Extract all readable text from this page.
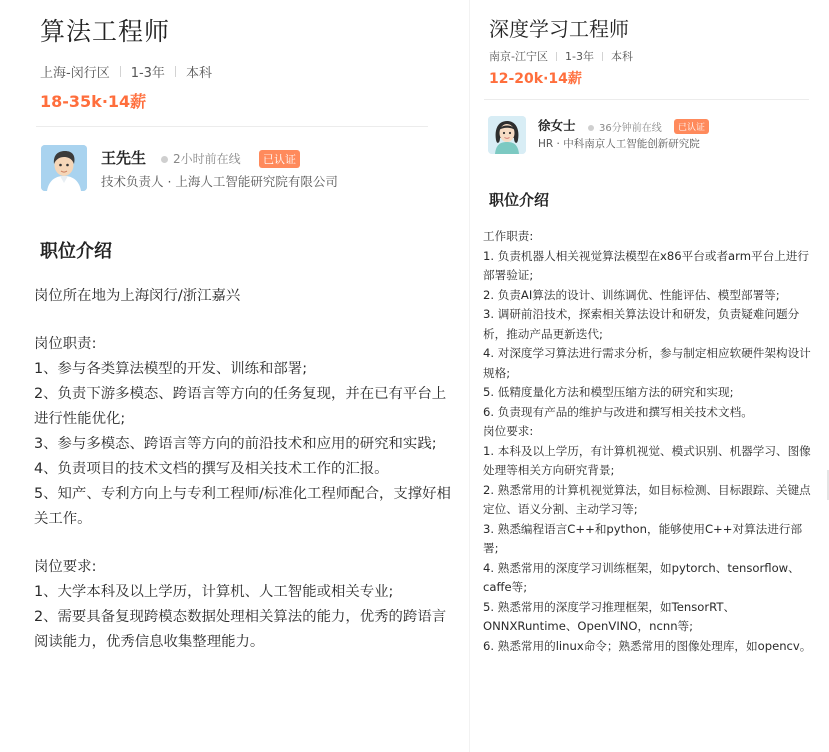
算法工程师
上海-闵行区 1-3年 本科
18-35k·14薪
王先生	2小时前在线	已认证
技术负责人 · 上海人工智能研究院有限公司
职位介绍
岗位所在地为上海闵行/浙江嘉兴
岗位职责:
1、参与各类算法模型的开发、训练和部署;
2、负责下游多模态、跨语言等方向的任务复现，并在已有平台上进行性能优化;
3、参与多模态、跨语言等方向的前沿技术和应用的研究和实践;
4、负责项目的技术文档的撰写及相关技术工作的汇报。
5、知产、专利方向上与专利工程师/标准化工程师配合，支撑好相关工作。
岗位要求:
1、大学本科及以上学历，计算机、人工智能或相关专业;
2、需要具备复现跨模态数据处理相关算法的能力，优秀的跨语言阅读能力，优秀信息收集整理能力。
深度学习工程师
南京-江宁区 1-3年 本科
12-20k·14薪
徐女士	36分钟前在线	已认证
HR · 中科南京人工智能创新研究院
职位介绍
工作职责:
1. 负责机器人相关视觉算法模型在x86平台或者arm平台上进行部署验证;
2. 负责AI算法的设计、训练调优、性能评估、模型部署等;
3. 调研前沿技术，探索相关算法设计和研发，负责疑难问题分析，推动产品更新迭代;
4. 对深度学习算法进行需求分析，参与制定相应软硬件架构设计规格;
5. 低精度量化方法和模型压缩方法的研究和实现;
6. 负责现有产品的维护与改进和撰写相关技术文档。
岗位要求:
1. 本科及以上学历，有计算机视觉、模式识别、机器学习、图像处理等相关方向研究背景;
2. 熟悉常用的计算机视觉算法，如目标检测、目标跟踪、关键点定位、语义分割、主动学习等;
3. 熟悉编程语言C++和python，能够使用C++对算法进行部署;
4. 熟悉常用的深度学习训练框架，如pytorch、tensorflow、caffe等;
5. 熟悉常用的深度学习推理框架，如TensorRT、ONNXRuntime、OpenVINO，ncnn等;
6. 熟悉常用的linux命令；熟悉常用的图像处理库，如opencv。
